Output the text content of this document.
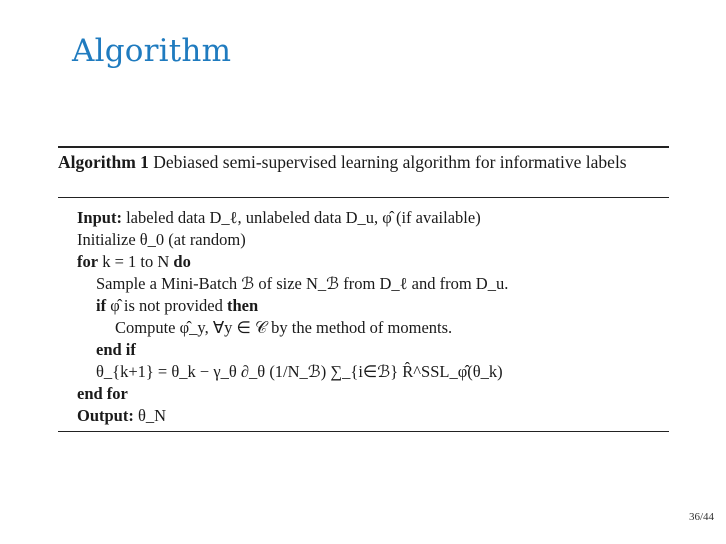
Algorithm
Algorithm 1 Debiased semi-supervised learning algorithm for informative labels
Input: labeled data D_ℓ, unlabeled data D_u, φ̂ (if available)
Initialize θ_0 (at random)
for k = 1 to N do
Sample a Mini-Batch ℬ of size N_ℬ from D_ℓ and from D_u.
if φ̂ is not provided then
Compute φ̂_y, ∀y ∈ 𝒞 by the method of moments.
end if
θ_{k+1} = θ_k − γ_θ ∂_θ (1/N_ℬ) ∑_{i∈ℬ} R̂^SSL_φ̂(θ_k)
end for
Output: θ_N
36/44
